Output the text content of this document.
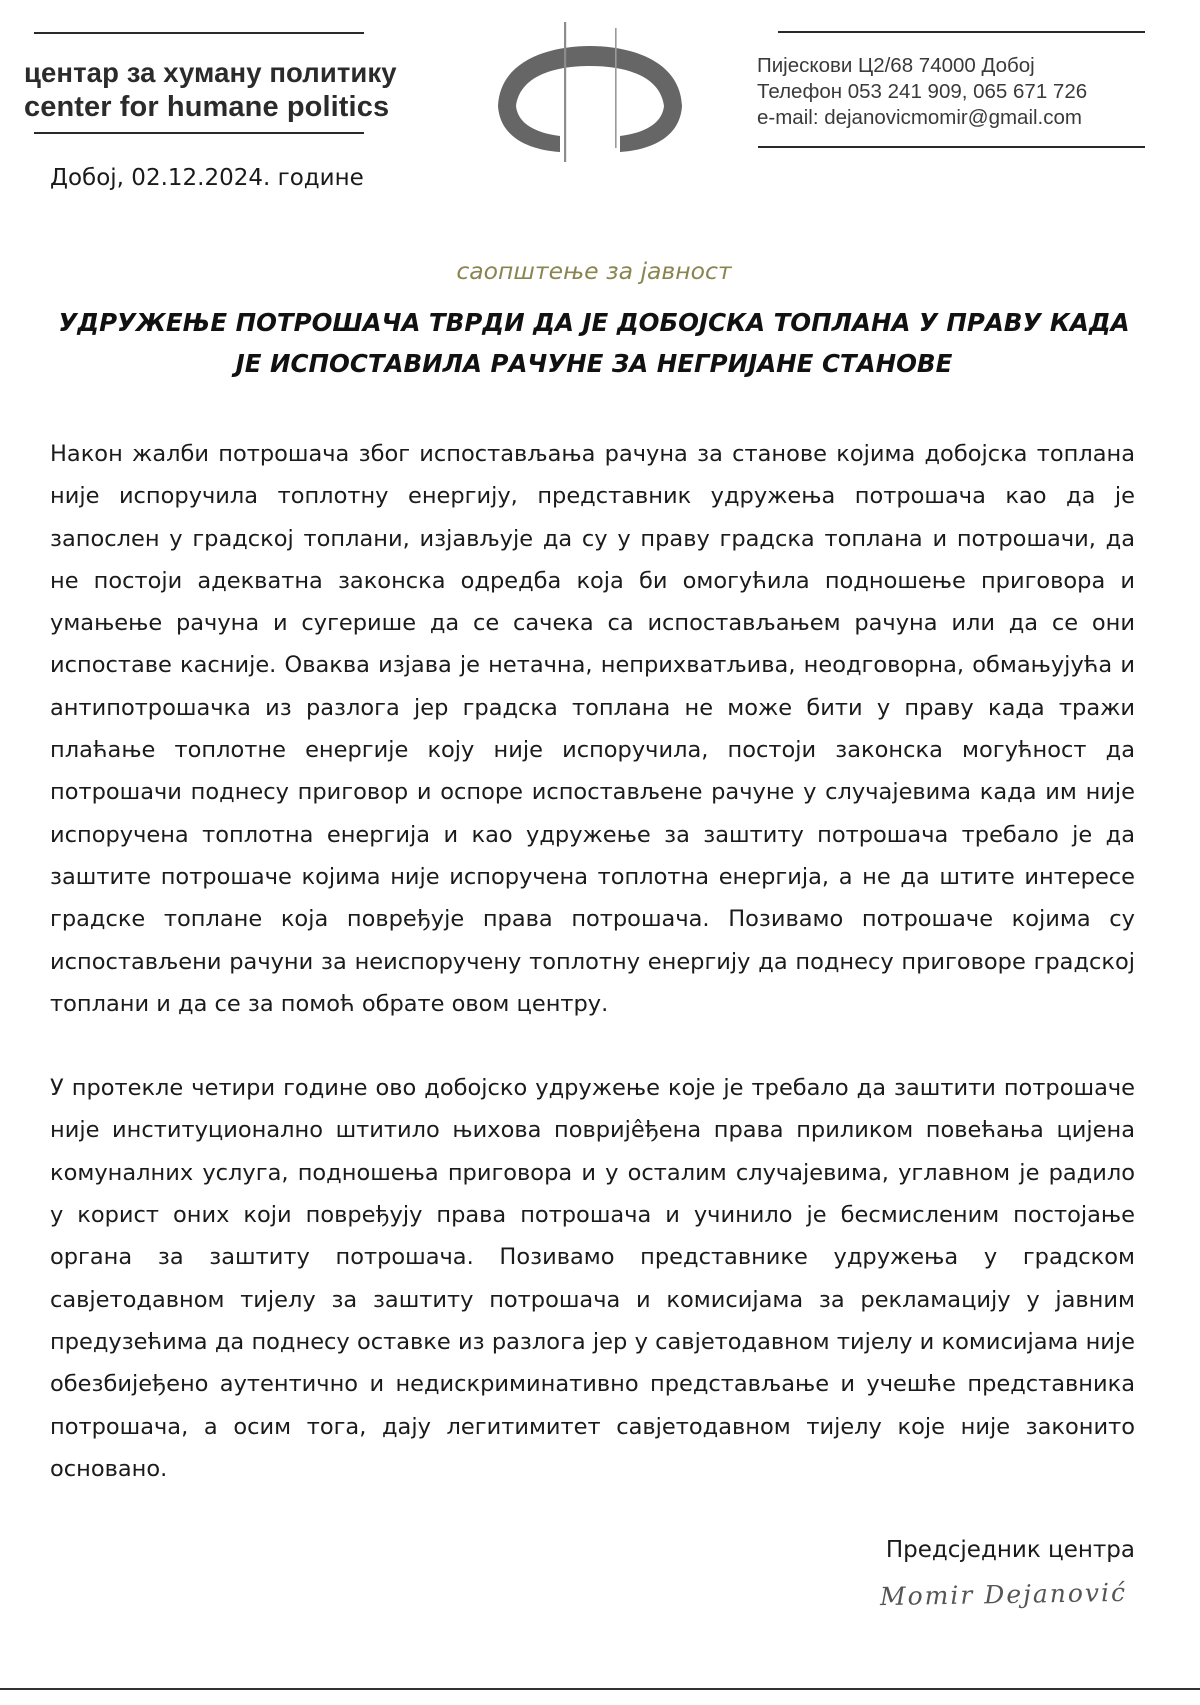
центар за хуману политику
center for humane politics
Пијескови Ц2/68 74000 Добој
Телефон 053 241 909, 065 671 726
e-mail: dejanovicmomir@gmail.com
Добој, 02.12.2024. године
саопштење за јавност
УДРУЖЕЊЕ ПОТРОШАЧА ТВРДИ ДА ЈЕ ДОБОЈСКА ТОПЛАНА У ПРАВУ КАДА
ЈЕ ИСПОСТАВИЛА РАЧУНЕ ЗА НЕГРИЈАНЕ СТАНОВЕ

Након жалби потрошача због испостављања рачуна за станове којима добојска топлана није испоручила топлотну енергију, представник удружења потрошача као да је запослен у градској топлани, изјављује да су у праву градска топлана и потрошачи, да не постоји адекватна законска одредба која би омогућила подношење приговора и умањење рачуна и сугерише да се сачека са испостављањем рачуна или да се они испоставе касније. Оваква изјава је нетачна, неприхватљива, неодговорна, обмањујућа и антипотрошачка из разлога јер градска топлана не може бити у праву када тражи плаћање топлотне енергије коју није испоручила, постоји законска могућност да потрошачи поднесу приговор и оспоре испостављене рачуне у случајевима када им није испоручена топлотна енергија и као удружење за заштиту потрошача требало је да заштите потрошаче којима није испоручена топлотна енергија, а не да штите интересе градске топлане која повређује права потрошача. Позивамо потрошаче којима су испостављени рачуни за неиспоручену топлотну енергију да поднесу приговоре градској топлани и да се за помоћ обрате овом центру.

У протекле четири године ово добојско удружење које је требало да заштити потрошаче није институционално штитило њихова поврије̂ђена права приликом повећања цијена комуналних услуга, подношења приговора и у осталим случајевима, углавном је радило у корист оних који повређују права потрошача и учинило је бесмисленим постојање органа за заштиту потрошача. Позивамо представнике удружења у градском савјетодавном тијелу за заштиту потрошача и комисијама за рекламацију у јавним предузећима да поднесу оставке из разлога јер у савјетодавном тијелу и комисијама није обезбијеђено аутентично и недискриминативно представљање и учешће представника потрошача, а осим тога, дају легитимитет савјетодавном тијелу које није законито основано.

Предсједник центра
Momir Dejanović
